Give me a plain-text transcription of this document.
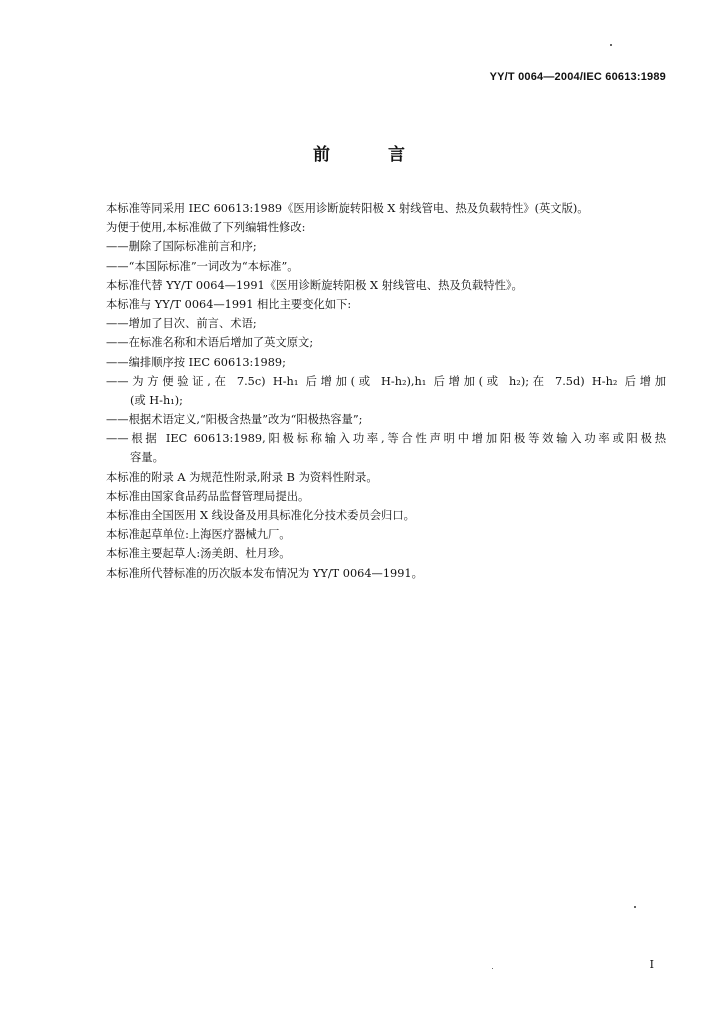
YY/T 0064—2004/IEC 60613:1989
前 言
本标准等同采用 IEC 60613:1989《医用诊断旋转阳极 X 射线管电、热及负载特性》(英文版)。
为便于使用,本标准做了下列编辑性修改:
——删除了国际标准前言和序;
——“本国际标准”一词改为“本标准”。
本标准代替 YY/T 0064—1991《医用诊断旋转阳极 X 射线管电、热及负载特性》。
本标准与 YY/T 0064—1991 相比主要变化如下:
——增加了目次、前言、术语;
——在标准名称和术语后增加了英文原文;
——编排顺序按 IEC 60613:1989;
——为方便验证,在 7.5c) H-h₁ 后增加(或 H-h₂),h₁ 后增加(或 h₂);在 7.5d) H-h₂ 后增加
(或 H-h₁);
——根据术语定义,“阳极含热量”改为“阳极热容量”;
——根据 IEC 60613:1989,阳极标称输入功率,等合性声明中增加阳极等效输入功率或阳极热
容量。
本标准的附录 A 为规范性附录,附录 B 为资料性附录。
本标准由国家食品药品监督管理局提出。
本标准由全国医用 X 线设备及用具标准化分技术委员会归口。
本标准起草单位:上海医疗器械九厂。
本标准主要起草人:汤美朗、杜月珍。
本标准所代替标准的历次版本发布情况为 YY/T 0064—1991。
I
